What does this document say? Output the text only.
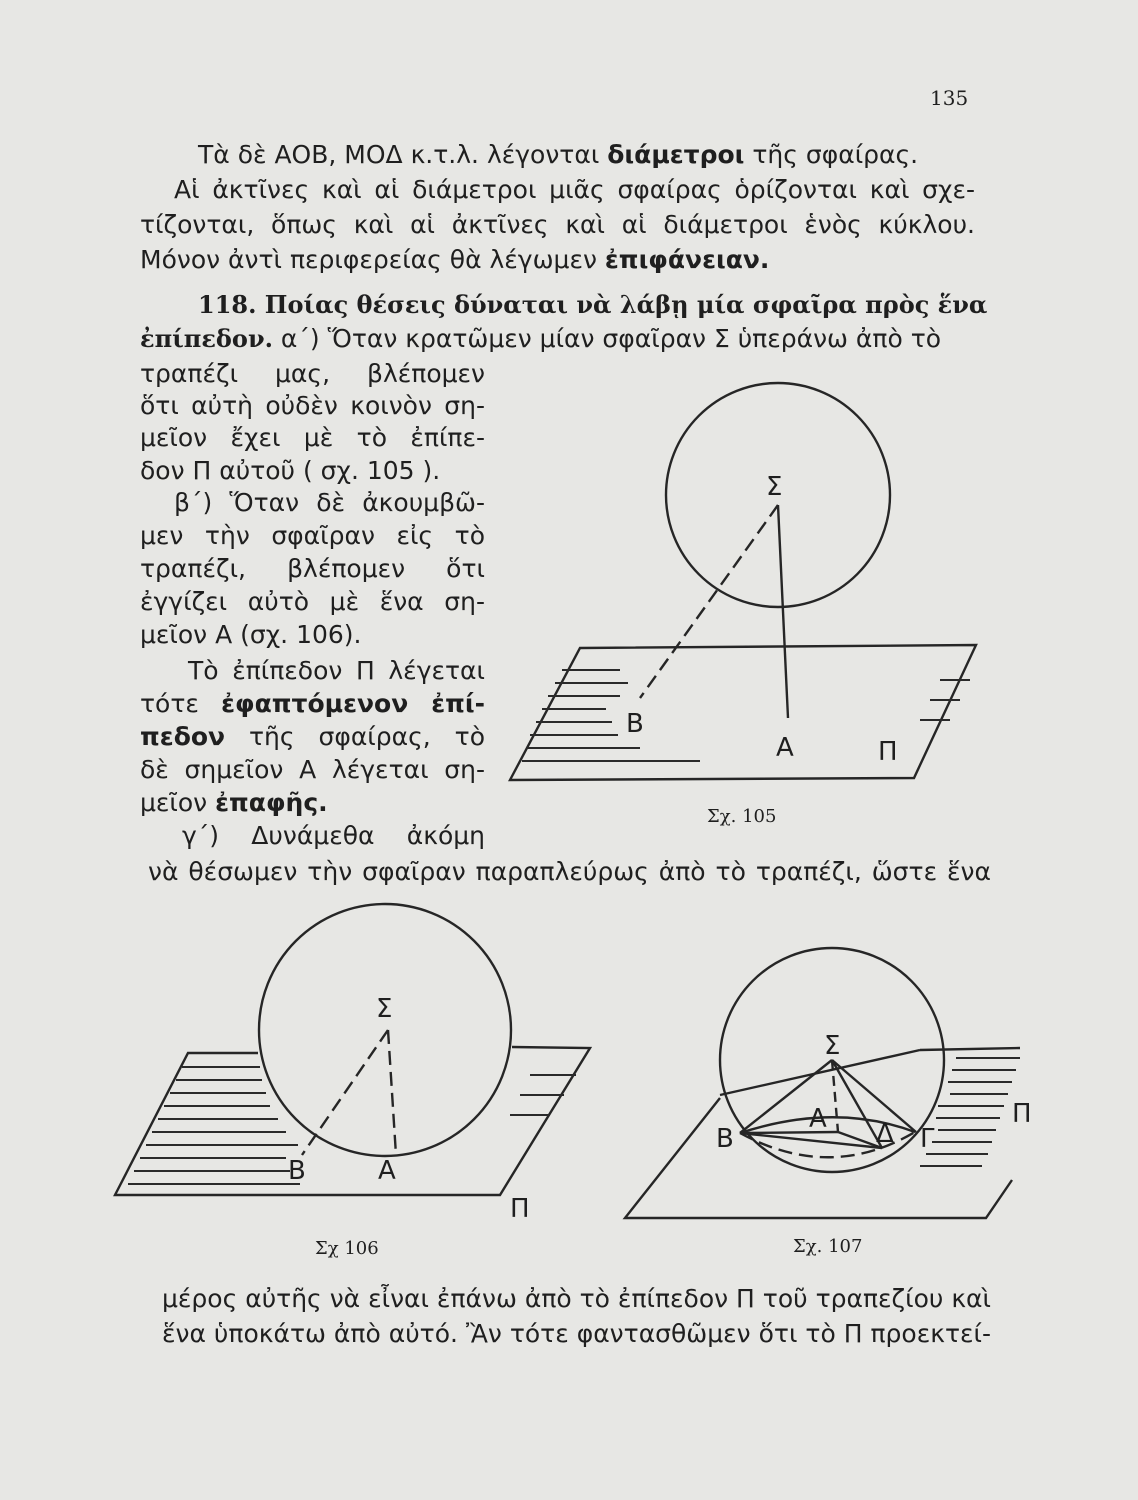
135
Τὰ δὲ ΑΟΒ, ΜΟΔ κ.τ.λ. λέγονται διάμετροι τῆς σφαίρας.
Αἱ ἀκτῖνες καὶ αἱ διάμετροι μιᾶς σφαίρας ὁρίζονται καὶ σχε-
τίζονται, ὅπως καὶ αἱ ἀκτῖνες καὶ αἱ διάμετροι ἑνὸς κύκλου.
Μόνον ἀντὶ περιφερείας θὰ λέγωμεν ἐπιφάνειαν.
118. Ποίας θέσεις δύναται νὰ λάβῃ μία σφαῖρα πρὸς ἕνα
ἐπίπεδον. α΄) Ὅταν κρατῶμεν μίαν σφαῖραν Σ ὑπεράνω ἀπὸ τὸ
τραπέζι μας, βλέπομεν
ὅτι αὐτὴ οὐδὲν κοινὸν ση-
μεῖον ἔχει μὲ τὸ ἐπίπε-
δον Π αὐτοῦ ( σχ. 105 ).
β΄) Ὅταν δὲ ἀκουμβῶ-
μεν τὴν σφαῖραν εἰς τὸ
τραπέζι, βλέπομεν ὅτι
ἐγγίζει αὐτὸ μὲ ἕνα ση-
μεῖον Α (σχ. 106).
Τὸ ἐπίπεδον Π λέγεται
τότε ἐφαπτόμενον ἐπί-
πεδον τῆς σφαίρας, τὸ
δὲ σημεῖον Α λέγεται ση-
μεῖον ἐπαφῆς.
γ΄) Δυνάμεθα ἀκόμη
νὰ θέσωμεν τὴν σφαῖραν παραπλεύρως ἀπὸ τὸ τραπέζι, ὥστε ἕνα
Σ
Β
Α	Π
Σχ. 105
Σ
Β	Α
Π
Σχ 106
Σ
Β
Α Δ Γ
Π
Σχ. 107
μέρος αὐτῆς νὰ εἶναι ἐπάνω ἀπὸ τὸ ἐπίπεδον Π τοῦ τραπεζίου καὶ
ἕνα ὑποκάτω ἀπὸ αὐτό. Ἂν τότε φαντασθῶμεν ὅτι τὸ Π προεκτεί-
